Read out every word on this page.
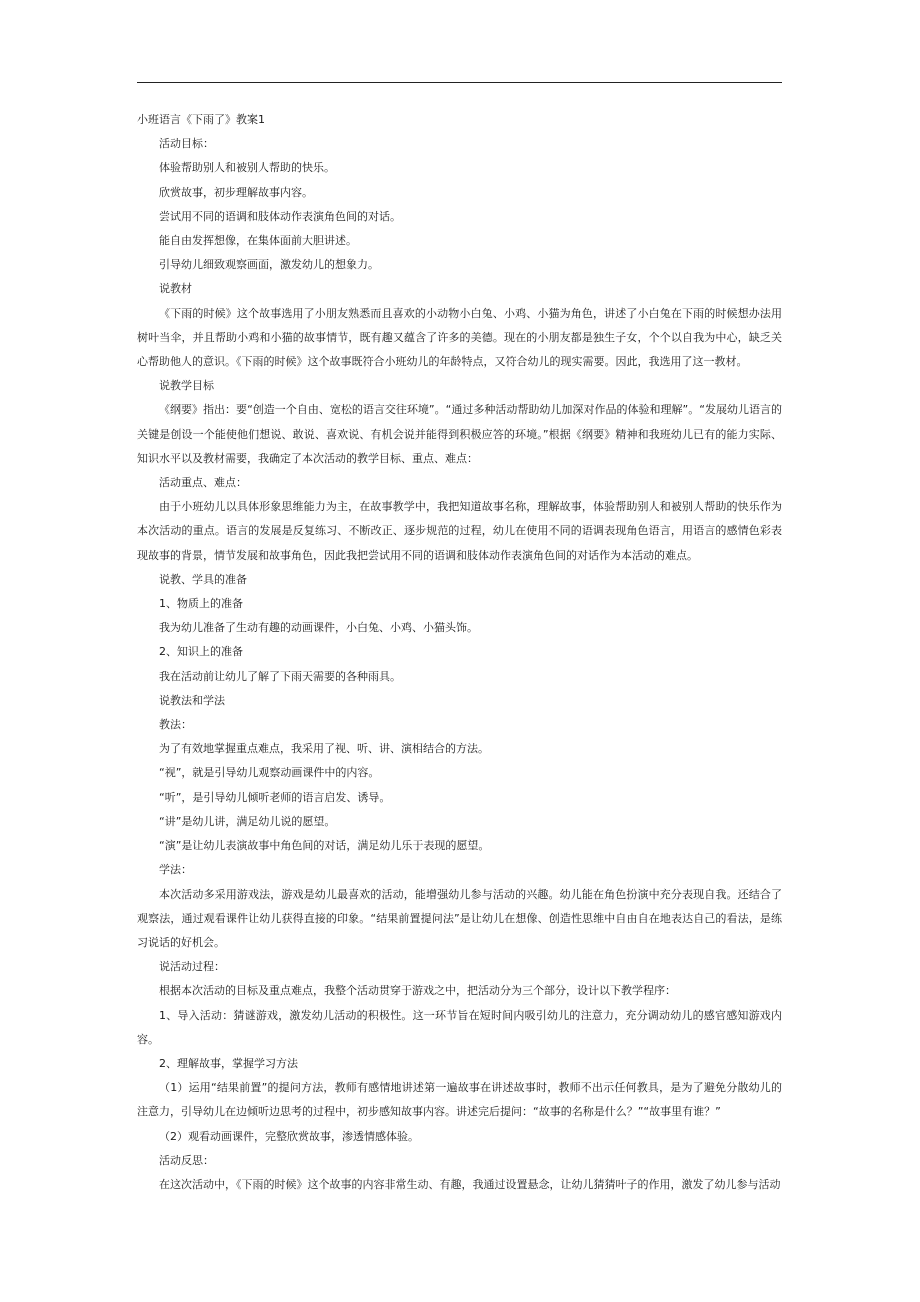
小班语言《下雨了》教案1

活动目标：

体验帮助别人和被别人帮助的快乐。

欣赏故事，初步理解故事内容。

尝试用不同的语调和肢体动作表演角色间的对话。

能自由发挥想像，在集体面前大胆讲述。

引导幼儿细致观察画面，激发幼儿的想象力。

说教材

《下雨的时候》这个故事选用了小朋友熟悉而且喜欢的小动物小白兔、小鸡、小猫为角色，讲述了小白兔在下雨的时候想办法用树叶当伞，并且帮助小鸡和小猫的故事情节，既有趣又蕴含了许多的美德。现在的小朋友都是独生子女，个个以自我为中心，缺乏关心帮助他人的意识。《下雨的时候》这个故事既符合小班幼儿的年龄特点，又符合幼儿的现实需要。因此，我选用了这一教材。

说教学目标

《纲要》指出：要“创造一个自由、宽松的语言交往环境”。“通过多种活动帮助幼儿加深对作品的体验和理解”。“发展幼儿语言的关键是创设一个能使他们想说、敢说、喜欢说、有机会说并能得到积极应答的环境。”根据《纲要》精神和我班幼儿已有的能力实际、知识水平以及教材需要，我确定了本次活动的教学目标、重点、难点：

活动重点、难点：

由于小班幼儿以具体形象思维能力为主，在故事教学中，我把知道故事名称，理解故事，体验帮助别人和被别人帮助的快乐作为本次活动的重点。语言的发展是反复练习、不断改正、逐步规范的过程，幼儿在使用不同的语调表现角色语言，用语言的感情色彩表现故事的背景，情节发展和故事角色，因此我把尝试用不同的语调和肢体动作表演角色间的对话作为本活动的难点。

说教、学具的准备

1、物质上的准备

我为幼儿准备了生动有趣的动画课件，小白兔、小鸡、小猫头饰。

2、知识上的准备

我在活动前让幼儿了解了下雨天需要的各种雨具。

说教法和学法

教法：

为了有效地掌握重点难点，我采用了视、听、讲、演相结合的方法。

“视”，就是引导幼儿观察动画课件中的内容。

“听”，是引导幼儿倾听老师的语言启发、诱导。

“讲”是幼儿讲，满足幼儿说的愿望。

“演”是让幼儿表演故事中角色间的对话，满足幼儿乐于表现的愿望。

学法：

本次活动多采用游戏法，游戏是幼儿最喜欢的活动，能增强幼儿参与活动的兴趣。幼儿能在角色扮演中充分表现自我。还结合了观察法，通过观看课件让幼儿获得直接的印象。“结果前置提问法”是让幼儿在想像、创造性思维中自由自在地表达自己的看法，是练习说话的好机会。

说活动过程：

根据本次活动的目标及重点难点，我整个活动贯穿于游戏之中，把活动分为三个部分，设计以下教学程序：

1、导入活动：猜谜游戏，激发幼儿活动的积极性。这一环节旨在短时间内吸引幼儿的注意力，充分调动幼儿的感官感知游戏内容。

2、理解故事，掌握学习方法

（1）运用“结果前置”的提问方法，教师有感情地讲述第一遍故事在讲述故事时，教师不出示任何教具，是为了避免分散幼儿的注意力，引导幼儿在边倾听边思考的过程中，初步感知故事内容。讲述完后提问：“故事的名称是什么？”“故事里有谁？”

（2）观看动画课件，完整欣赏故事，渗透情感体验。

活动反思：

在这次活动中，《下雨的时候》这个故事的内容非常生动、有趣，我通过设置悬念，让幼儿猜猜叶子的作用，激发了幼儿参与活动
